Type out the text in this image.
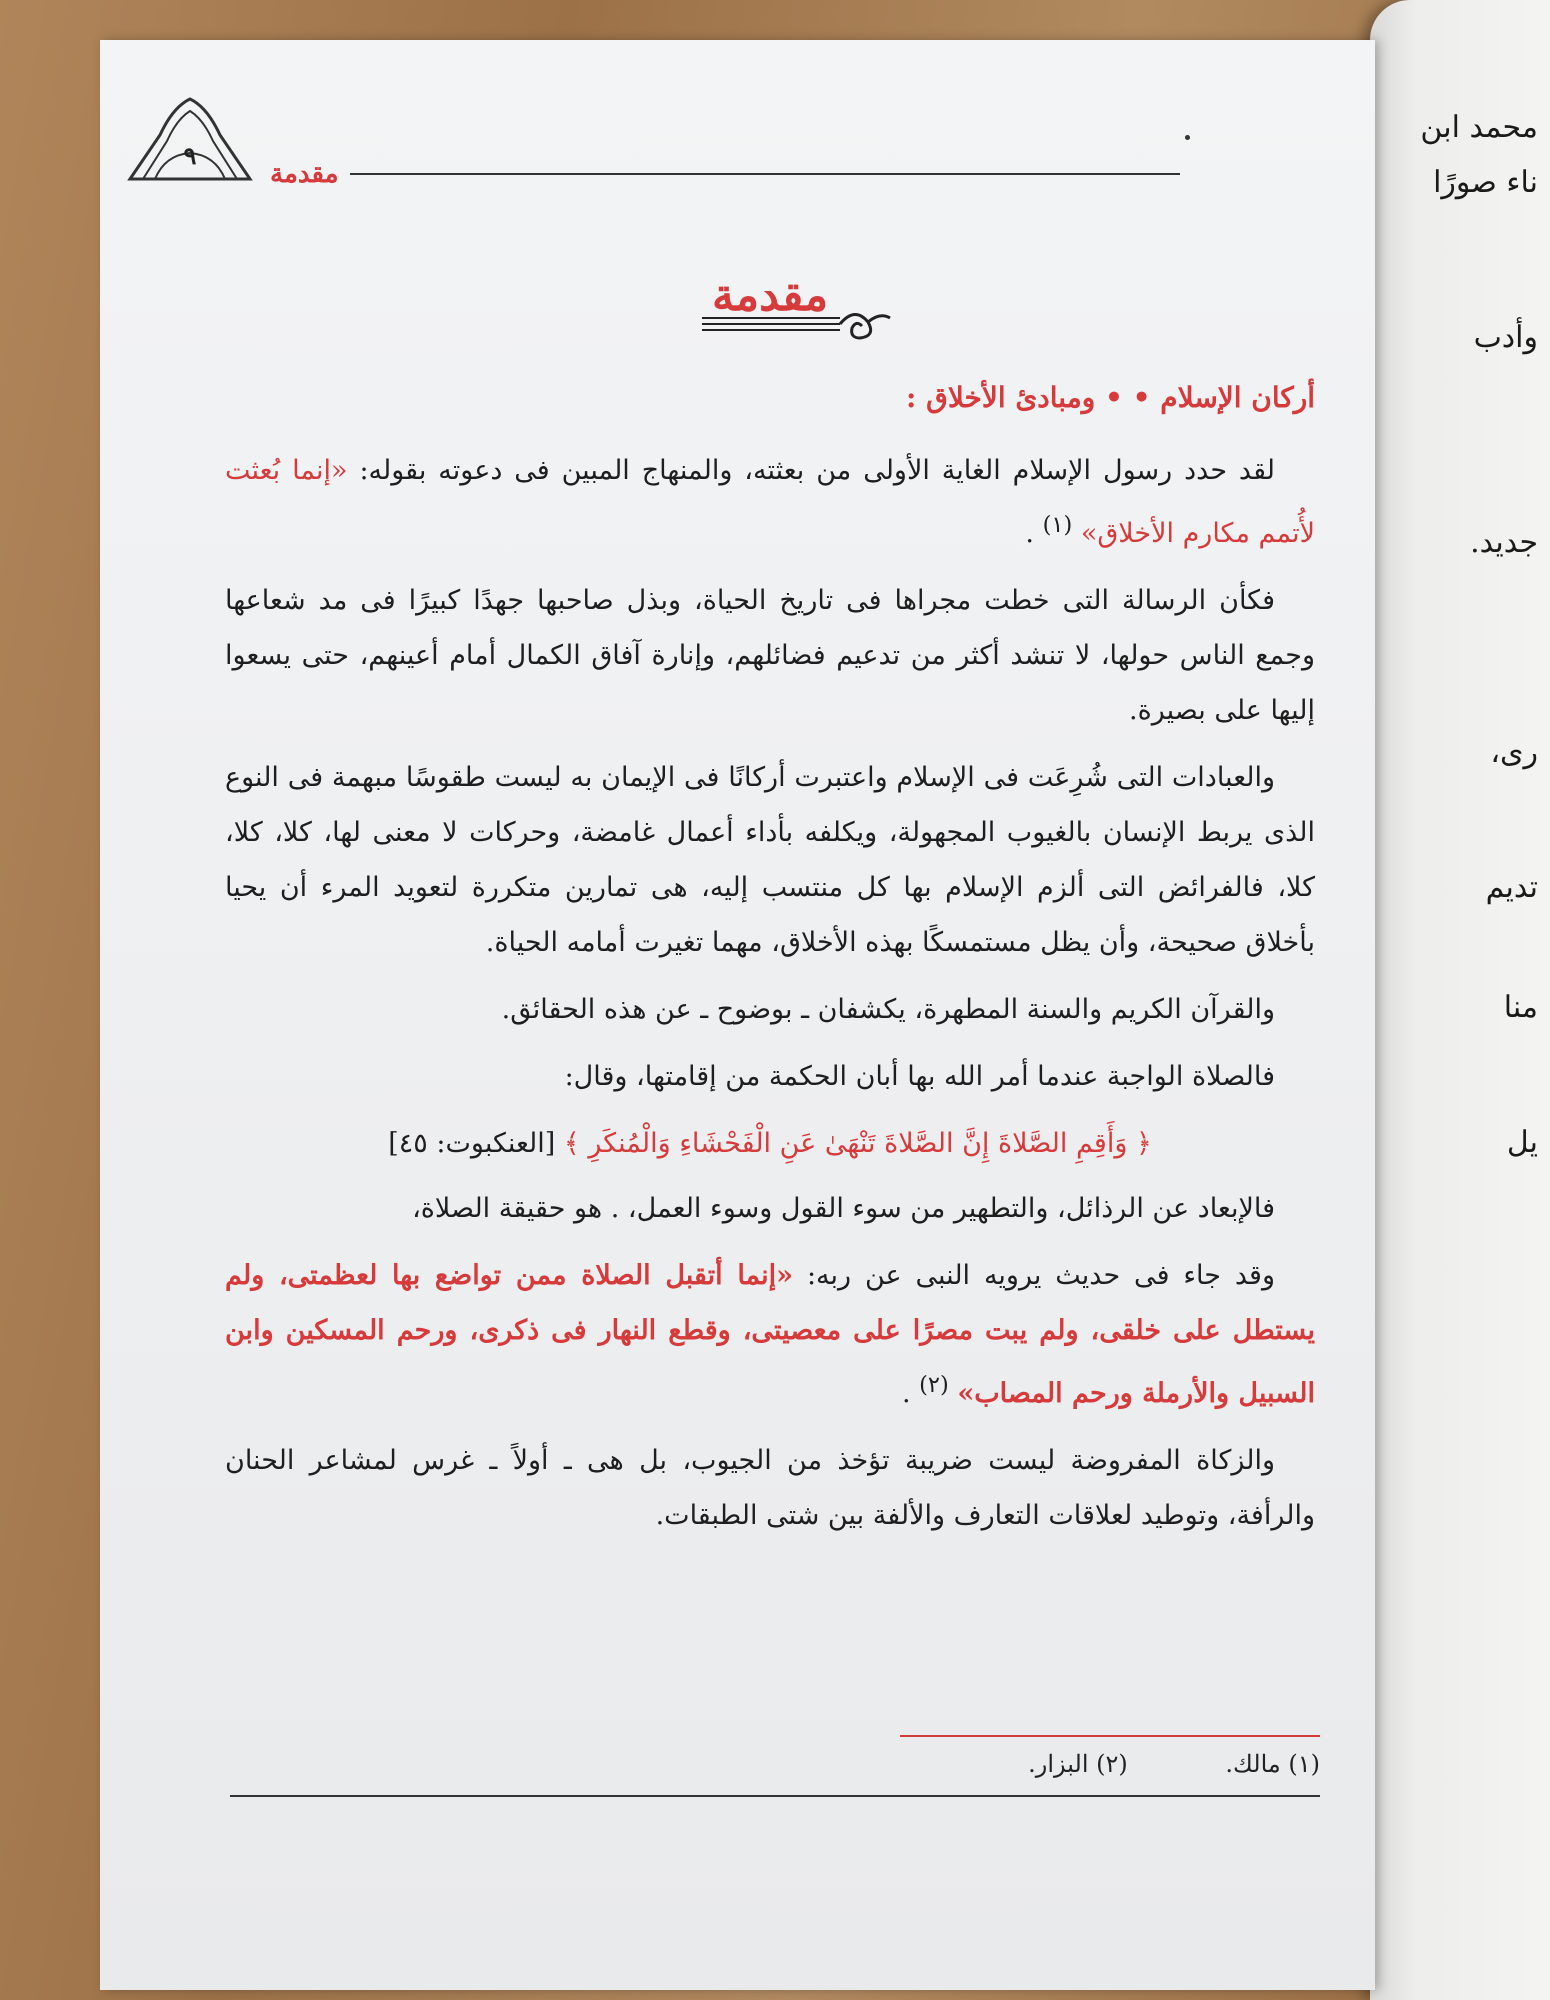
محمد ابن
ناء صورًا
وأدب
جديد.
رى،
تديم
منا
يل
٩
مقدمة
مقدمة
أركان الإسلام • • ومبادئ الأخلاق :

لقد حدد رسول الإسلام الغاية الأولى من بعثته، والمنهاج المبين فى دعوته بقوله: «إنما بُعثت لأُتمم مكارم الأخلاق» $^{(١)}$ .

فكأن الرسالة التى خطت مجراها فى تاريخ الحياة، وبذل صاحبها جهدًا كبيرًا فى مد شعاعها وجمع الناس حولها، لا تنشد أكثر من تدعيم فضائلهم، وإنارة آفاق الكمال أمام أعينهم، حتى يسعوا إليها على بصيرة.

والعبادات التى شُرِعَت فى الإسلام واعتبرت أركانًا فى الإيمان به ليست طقوسًا مبهمة فى النوع الذى يربط الإنسان بالغيوب المجهولة، ويكلفه بأداء أعمال غامضة، وحركات لا معنى لها، كلا، كلا، كلا، فالفرائض التى ألزم الإسلام بها كل منتسب إليه، هى تمارين متكررة لتعويد المرء أن يحيا بأخلاق صحيحة، وأن يظل مستمسكًا بهذه الأخلاق، مهما تغيرت أمامه الحياة.

والقرآن الكريم والسنة المطهرة، يكشفان ـ بوضوح ـ عن هذه الحقائق.

فالصلاة الواجبة عندما أمر الله بها أبان الحكمة من إقامتها، وقال:

﴿ وَأَقِمِ الصَّلاةَ إِنَّ الصَّلاةَ تَنْهَىٰ عَنِ الْفَحْشَاءِ وَالْمُنكَرِ ﴾ [العنكبوت: ٤٥]

فالإبعاد عن الرذائل، والتطهير من سوء القول وسوء العمل، . هو حقيقة الصلاة،

وقد جاء فى حديث يرويه النبى عن ربه: «إنما أتقبل الصلاة ممن تواضع بها لعظمتى، ولم يستطل على خلقى، ولم يبت مصرًا على معصيتى، وقطع النهار فى ذكرى، ورحم المسكين وابن السبيل والأرملة ورحم المصاب» $^{(٢)}$ .

والزكاة المفروضة ليست ضريبة تؤخذ من الجيوب، بل هى ـ أولاً ـ غرس لمشاعر الحنان والرأفة، وتوطيد لعلاقات التعارف والألفة بين شتى الطبقات.

(١) مالك. (٢) البزار.
